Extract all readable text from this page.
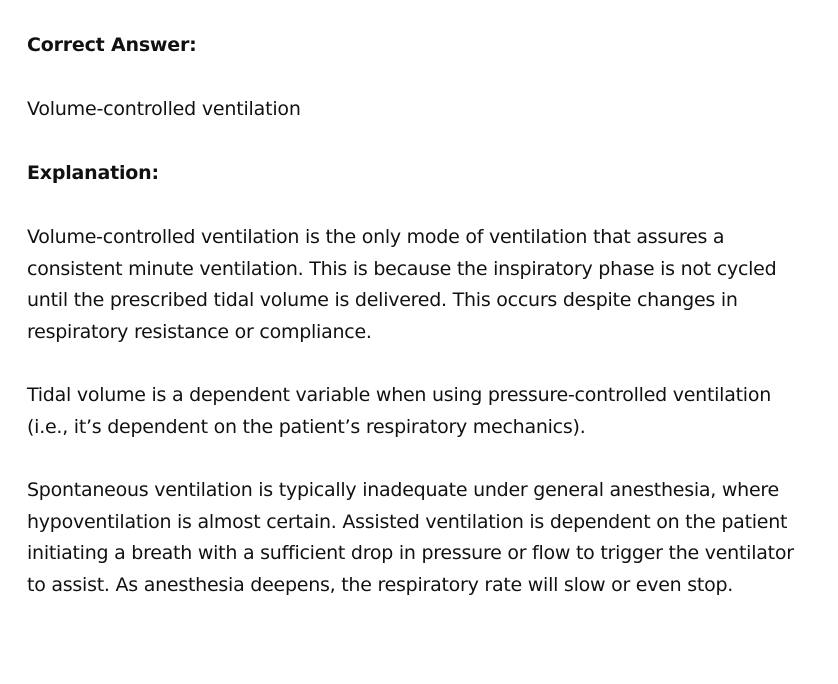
Correct Answer:

Volume-controlled ventilation

Explanation:

Volume-controlled ventilation is the only mode of ventilation that assures a consistent minute ventilation. This is because the inspiratory phase is not cycled until the prescribed tidal volume is delivered. This occurs despite changes in respiratory resistance or compliance.

Tidal volume is a dependent variable when using pressure-controlled ventilation (i.e., it’s dependent on the patient’s respiratory mechanics).

Spontaneous ventilation is typically inadequate under general anesthesia, where hypoventilation is almost certain. Assisted ventilation is dependent on the patient initiating a breath with a sufficient drop in pressure or flow to trigger the ventilator to assist. As anesthesia deepens, the respiratory rate will slow or even stop.
